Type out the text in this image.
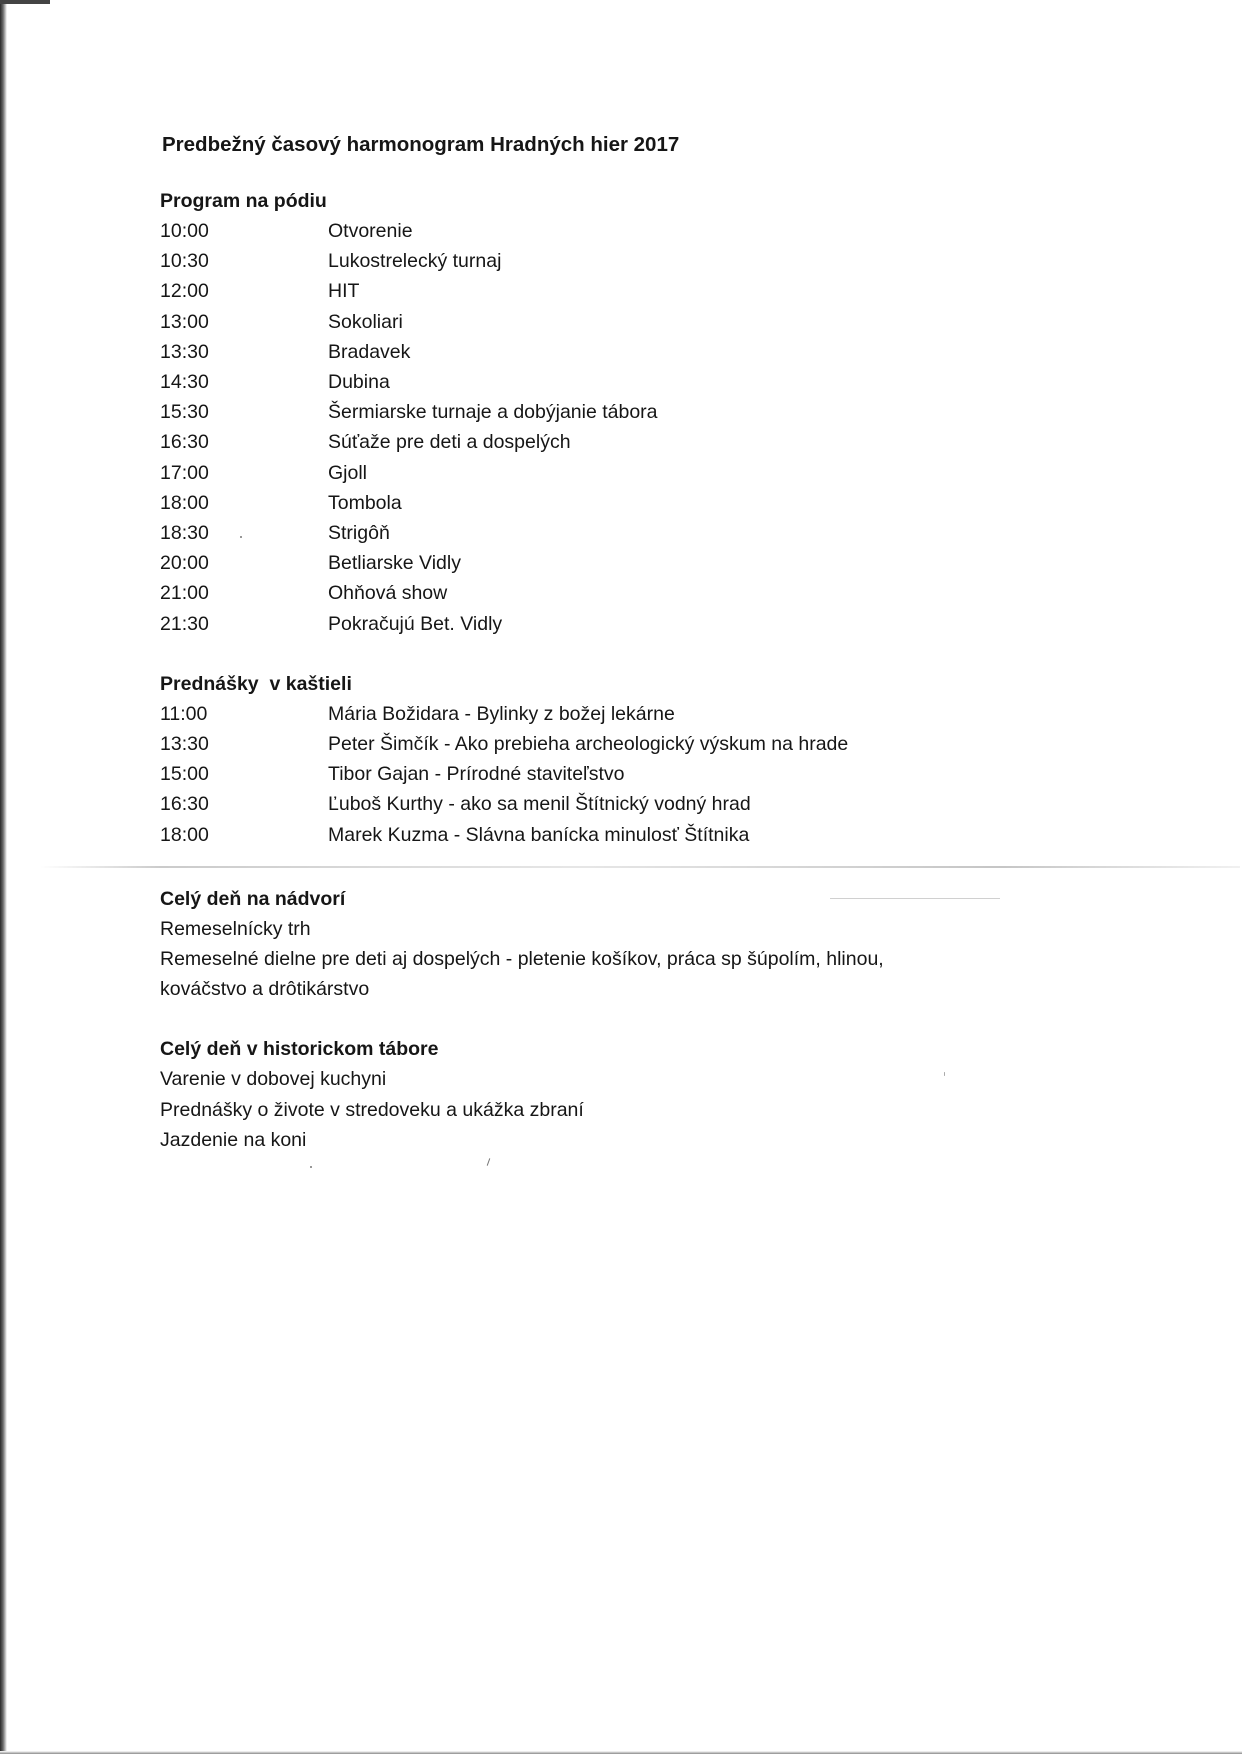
Predbežný časový harmonogram Hradných hier 2017
Program na pódiu
10:00	Otvorenie
10:30	Lukostrelecký turnaj
12:00	HIT
13:00	Sokoliari
13:30	Bradavek
14:30	Dubina
15:30	Šermiarske turnaje a dobýjanie tábora
16:30	Súťaže pre deti a dospelých
17:00	Gjoll
18:00	Tombola
18:30	Strigôň
20:00	Betliarske Vidly
21:00	Ohňová show
21:30	Pokračujú Bet. Vidly
Prednášky  v kaštieli
11:00	Mária Božidara - Bylinky z božej lekárne
13:30	Peter Šimčík - Ako prebieha archeologický výskum na hrade
15:00	Tibor Gajan - Prírodné staviteľstvo
16:30	Ľuboš Kurthy - ako sa menil Štítnický vodný hrad
18:00	Marek Kuzma - Slávna banícka minulosť Štítnika
Celý deň na nádvorí
Remeselnícky trh
Remeselné dielne pre deti aj dospelých - pletenie košíkov, práca sp šúpolím, hlinou, kováčstvo a drôtikárstvo
Celý deň v historickom tábore
Varenie v dobovej kuchyni
Prednášky o živote v stredoveku a ukážka zbraní
Jazdenie na koni
